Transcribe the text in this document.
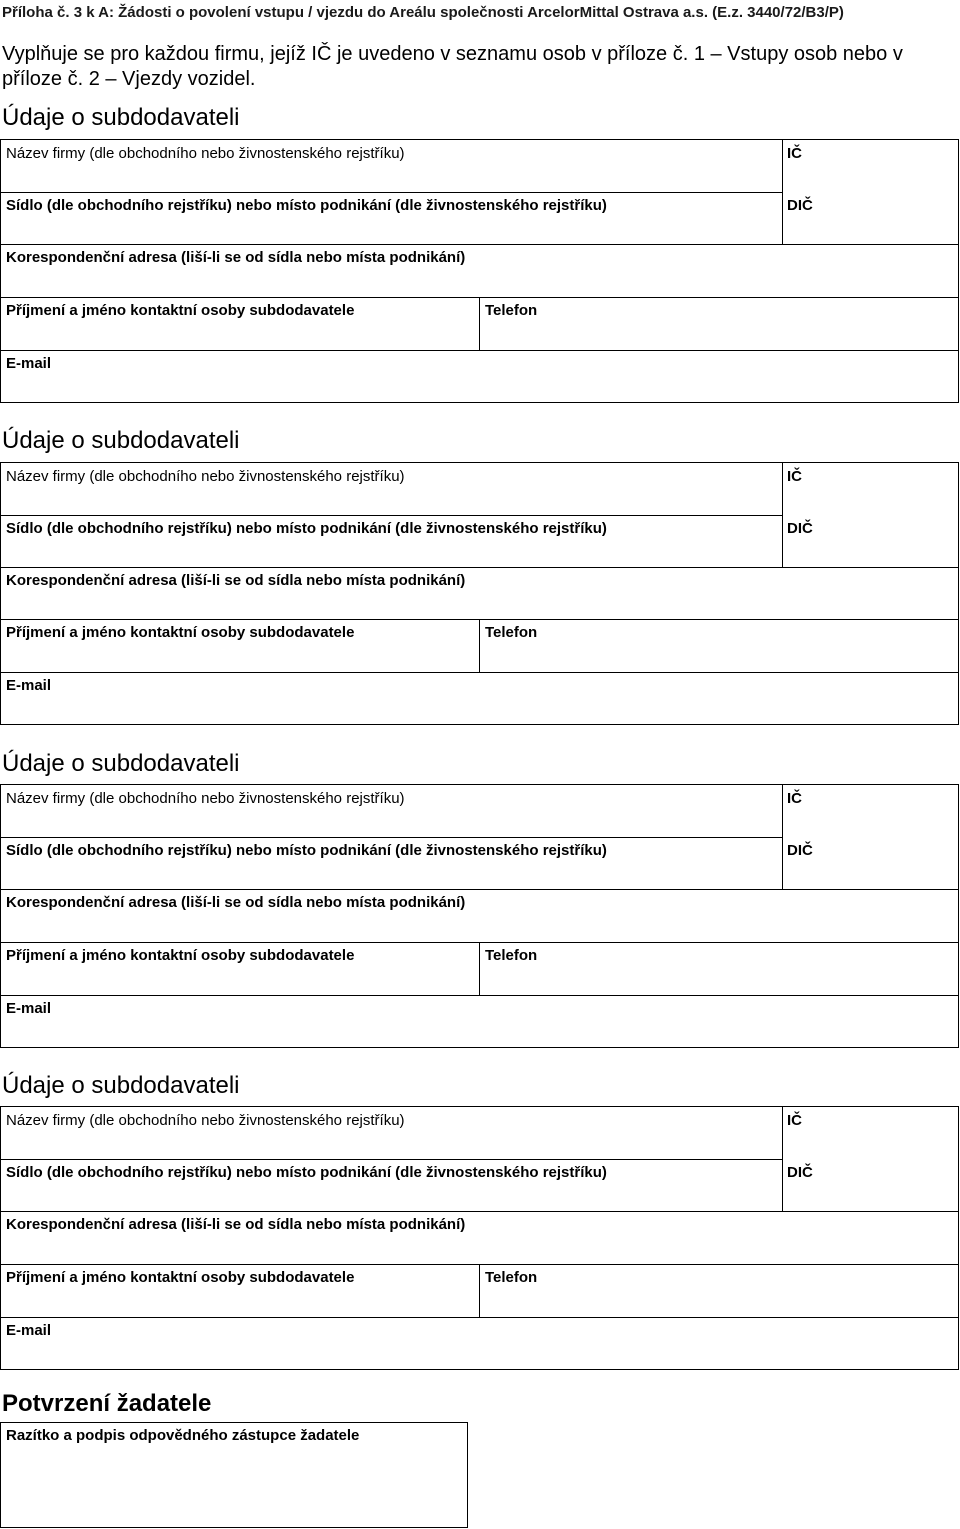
Příloha č. 3 k A: Žádosti o povolení vstupu / vjezdu do Areálu společnosti ArcelorMittal Ostrava a.s. (E.z. 3440/72/B3/P)
Vyplňuje se pro každou firmu, jejíž IČ je uvedeno v seznamu osob v příloze č. 1 – Vstupy osob nebo v příloze č. 2 – Vjezdy vozidel.
Údaje o subdodavateli
Název firmy (dle obchodního nebo živnostenského rejstříku)	IČ
Sídlo (dle obchodního rejstříku) nebo místo podnikání (dle živnostenského rejstříku)	DIČ
Korespondenční adresa (liší-li se od sídla nebo místa podnikání)
Příjmení a jméno kontaktní osoby subdodavatele	Telefon
E-mail
Údaje o subdodavateli
Název firmy (dle obchodního nebo živnostenského rejstříku)	IČ
Sídlo (dle obchodního rejstříku) nebo místo podnikání (dle živnostenského rejstříku)	DIČ
Korespondenční adresa (liší-li se od sídla nebo místa podnikání)
Příjmení a jméno kontaktní osoby subdodavatele	Telefon
E-mail
Údaje o subdodavateli
Název firmy (dle obchodního nebo živnostenského rejstříku)	IČ
Sídlo (dle obchodního rejstříku) nebo místo podnikání (dle živnostenského rejstříku)	DIČ
Korespondenční adresa (liší-li se od sídla nebo místa podnikání)
Příjmení a jméno kontaktní osoby subdodavatele	Telefon
E-mail
Údaje o subdodavateli
Název firmy (dle obchodního nebo živnostenského rejstříku)	IČ
Sídlo (dle obchodního rejstříku) nebo místo podnikání (dle živnostenského rejstříku)	DIČ
Korespondenční adresa (liší-li se od sídla nebo místa podnikání)
Příjmení a jméno kontaktní osoby subdodavatele	Telefon
E-mail
Potvrzení žadatele
Razítko a podpis odpovědného zástupce žadatele
